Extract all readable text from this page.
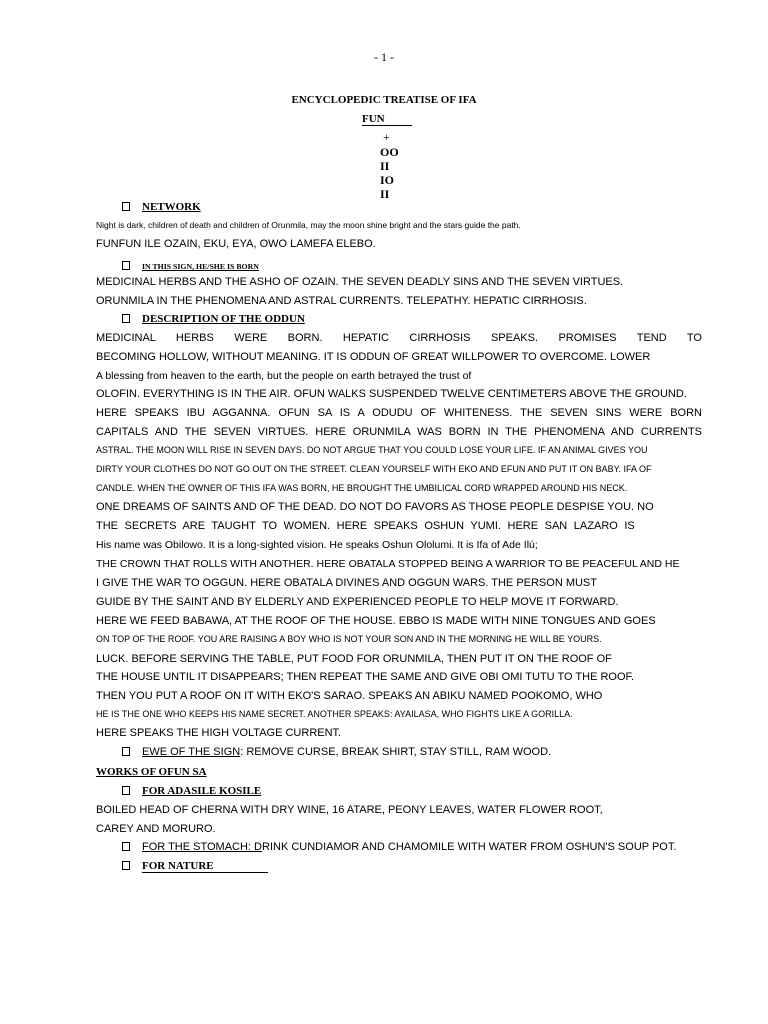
- 1 -
ENCYCLOPEDIC TREATISE OF IFA
FUN
+
OO
II
IO
II
NETWORK
Night is dark, children of death and children of Orunmila, may the moon shine bright and the stars guide the path.
FUNFUN ILE OZAIN, EKU, EYA, OWO LAMEFA ELEBO.
IN THIS SIGN, HE/SHE IS BORN
MEDICINAL HERBS AND THE ASHO OF OZAIN. THE SEVEN DEADLY SINS AND THE SEVEN VIRTUES.
ORUNMILA IN THE PHENOMENA AND ASTRAL CURRENTS. TELEPATHY. HEPATIC CIRRHOSIS.
DESCRIPTION OF THE ODDUN
MEDICINAL HERBS WERE BORN. HEPATIC CIRRHOSIS SPEAKS. PROMISES TEND TO
BECOMING HOLLOW, WITHOUT MEANING. IT IS ODDUN OF GREAT WILLPOWER TO OVERCOME. LOWER
A blessing from heaven to the earth, but the people on earth betrayed the trust of
OLOFIN. EVERYTHING IS IN THE AIR. OFUN WALKS SUSPENDED TWELVE CENTIMETERS ABOVE THE GROUND.
HERE SPEAKS IBU AGGANNA. OFUN SA IS A ODUDU OF WHITENESS. THE SEVEN SINS WERE BORN
CAPITALS AND THE SEVEN VIRTUES. HERE ORUNMILA WAS BORN IN THE PHENOMENA AND CURRENTS
ASTRAL. THE MOON WILL RISE IN SEVEN DAYS. DO NOT ARGUE THAT YOU COULD LOSE YOUR LIFE. IF AN ANIMAL GIVES YOU
DIRTY YOUR CLOTHES DO NOT GO OUT ON THE STREET. CLEAN YOURSELF WITH EKO AND EFUN AND PUT IT ON BABY. IFA OF
CANDLE. WHEN THE OWNER OF THIS IFA WAS BORN, HE BROUGHT THE UMBILICAL CORD WRAPPED AROUND HIS NECK.
ONE DREAMS OF SAINTS AND OF THE DEAD. DO NOT DO FAVORS AS THOSE PEOPLE DESPISE YOU. NO
THE SECRETS ARE TAUGHT TO WOMEN. HERE SPEAKS OSHUN YUMI. HERE SAN LAZARO IS
His name was Obilowo. It is a long-sighted vision. He speaks Oshun Ololumi. It is Ifa of Ade Ilú;
THE CROWN THAT ROLLS WITH ANOTHER. HERE OBATALA STOPPED BEING A WARRIOR TO BE PEACEFUL AND HE
I GIVE THE WAR TO OGGUN. HERE OBATALA DIVINES AND OGGUN WARS. THE PERSON MUST
GUIDE BY THE SAINT AND BY ELDERLY AND EXPERIENCED PEOPLE TO HELP MOVE IT FORWARD.
HERE WE FEED BABAWA, AT THE ROOF OF THE HOUSE. EBBO IS MADE WITH NINE TONGUES AND GOES
ON TOP OF THE ROOF. YOU ARE RAISING A BOY WHO IS NOT YOUR SON AND IN THE MORNING HE WILL BE YOURS.
LUCK. BEFORE SERVING THE TABLE, PUT FOOD FOR ORUNMILA, THEN PUT IT ON THE ROOF OF
THE HOUSE UNTIL IT DISAPPEARS; THEN REPEAT THE SAME AND GIVE OBI OMI TUTU TO THE ROOF.
THEN YOU PUT A ROOF ON IT WITH EKO'S SARAO. SPEAKS AN ABIKU NAMED POOKOMO, WHO
HE IS THE ONE WHO KEEPS HIS NAME SECRET. ANOTHER SPEAKS: AYAILASA, WHO FIGHTS LIKE A GORILLA.
HERE SPEAKS THE HIGH VOLTAGE CURRENT.
EWE OF THE SIGN: REMOVE CURSE, BREAK SHIRT, STAY STILL, RAM WOOD.
WORKS OF OFUN SA
FOR ADASILE KOSILE
BOILED HEAD OF CHERNA WITH DRY WINE, 16 ATARE, PEONY LEAVES, WATER FLOWER ROOT,
CAREY AND MORURO.
FOR THE STOMACH: DRINK CUNDIAMOR AND CHAMOMILE WITH WATER FROM OSHUN'S SOUP POT.
FOR NATURE
